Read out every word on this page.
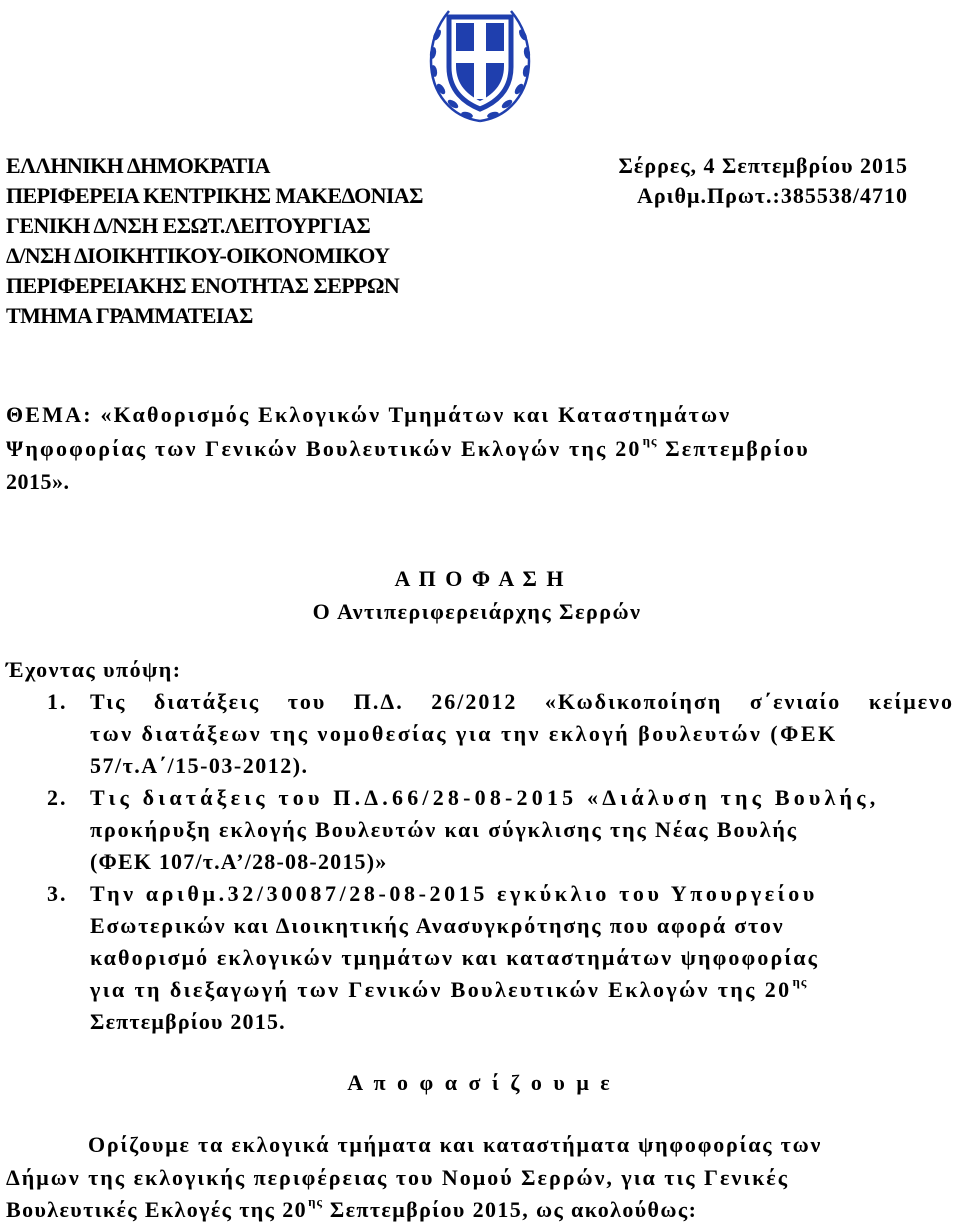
ΕΛΛΗΝΙΚΗ ΔΗΜΟΚΡΑΤΙΑ
ΠΕΡΙΦΕΡΕΙΑ ΚΕΝΤΡΙΚΗΣ ΜΑΚΕΔΟΝΙΑΣ
ΓΕΝΙΚΗ Δ/ΝΣΗ ΕΣΩΤ.ΛΕΙΤΟΥΡΓΙΑΣ
Δ/ΝΣΗ ΔΙΟΙΚΗΤΙΚΟΥ-ΟΙΚΟΝΟΜΙΚΟΥ
ΠΕΡΙΦΕΡΕΙΑΚΗΣ ΕΝΟΤΗΤΑΣ ΣΕΡΡΩΝ
ΤΜΗΜΑ ΓΡΑΜΜΑΤΕΙΑΣ
Σέρρες, 4 Σεπτεμβρίου 2015
Αριθμ.Πρωτ.:385538/4710
ΘΕΜΑ: «Καθορισμός Εκλογικών Τμημάτων και Καταστημάτων
Ψηφοφορίας των Γενικών Βουλευτικών Εκλογών της $20^{\eta\varsigma}$ Σεπτεμβρίου
2015».
Α Π Ο Φ Α Σ Η
Ο Αντιπεριφερειάρχης Σερρών
Έχοντας υπόψη:
1. Τις διατάξεις του Π.Δ. 26/2012 «Κωδικοποίηση σ΄ενιαίο κείμενο
των διατάξεων της νομοθεσίας για την εκλογή βουλευτών (ΦΕΚ
57/τ.Α΄/15-03-2012).
2. Τις διατάξεις του Π.Δ.66/28-08-2015 «Διάλυση της Βουλής,
προκήρυξη εκλογής Βουλευτών και σύγκλισης της Νέας Βουλής
(ΦΕΚ 107/τ.Α’/28-08-2015)»
3. Την αριθμ.32/30087/28-08-2015 εγκύκλιο του Υπουργείου
Εσωτερικών και Διοικητικής Ανασυγκρότησης που αφορά στον
καθορισμό εκλογικών τμημάτων και καταστημάτων ψηφοφορίας
για τη διεξαγωγή των Γενικών Βουλευτικών Εκλογών της $20^{\eta\varsigma}$
Σεπτεμβρίου 2015.
Α π ο φ α σ ί ζ ο υ μ ε
Ορίζουμε τα εκλογικά τμήματα και καταστήματα ψηφοφορίας των
Δήμων της εκλογικής περιφέρειας του Νομού Σερρών, για τις Γενικές
Βουλευτικές Εκλογές της $20^{\eta\varsigma}$ Σεπτεμβρίου 2015, ως ακολούθως:
